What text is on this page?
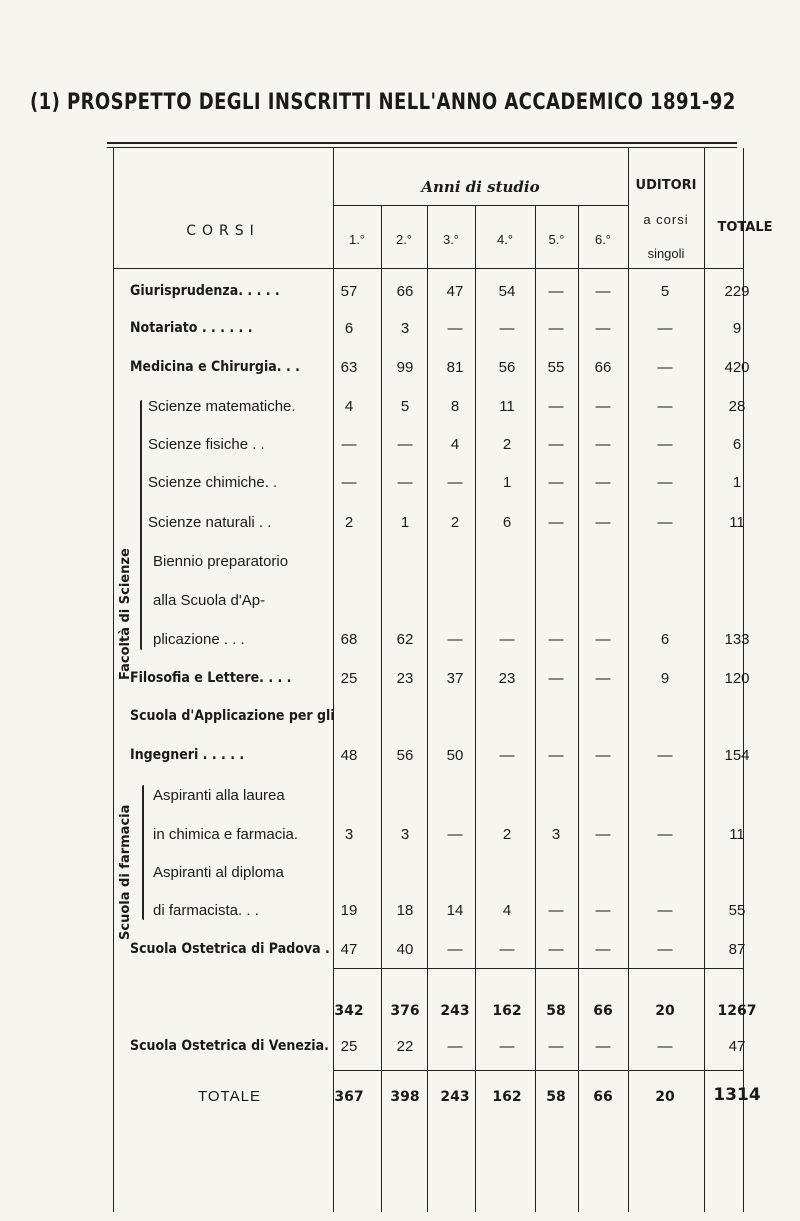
(1) PROSPETTO DEGLI INSCRITTI NELL'ANNO ACCADEMICO 1891-92
Anni di studio
CORSI
1.°	2.°	3.°	4.°	5.°	6.°
UDITORI
a corsi
singoli
TOTALE
Giurisprudenza. . . . .	57	66	47	54	—	—	5	229
Notariato . . . . . .	6	3	—	—	—	—	—	9
Medicina e Chirurgia. . .	63	99	81	56	55	66	—	420
Scienze matematiche.	4	5	8	11	—	—	—	28
Scienze fisiche . .	—	—	4	2	—	—	—	6
Scienze chimiche. .	—	—	—	1	—	—	—	1
Scienze naturali . .	2	1	2	6	—	—	—	11
Biennio preparatorio
alla Scuola d'Ap-
plicazione . . .	68	62	—	—	—	—	6	133
Filosofia e Lettere. . . .	25	23	37	23	—	—	9	120
Scuola d'Applicazione per gli
Ingegneri . . . . .	48	56	50	—	—	—	—	154
Aspiranti alla laurea
in chimica e farmacia.	3	3	—	2	3	—	—	11
Aspiranti al diploma
di farmacista. . .	19	18	14	4	—	—	—	55
Scuola Ostetrica di Padova . 47	40	—	—	—	—	—	87
Facoltà di Scienze
Scuola di farmacia
342	376	243	162	58	66	20	1267
Scuola Ostetrica di Venezia. 25	22	—	—	—	—	—	47
TOTALE	367	398	243	162	58	66	20	1314
